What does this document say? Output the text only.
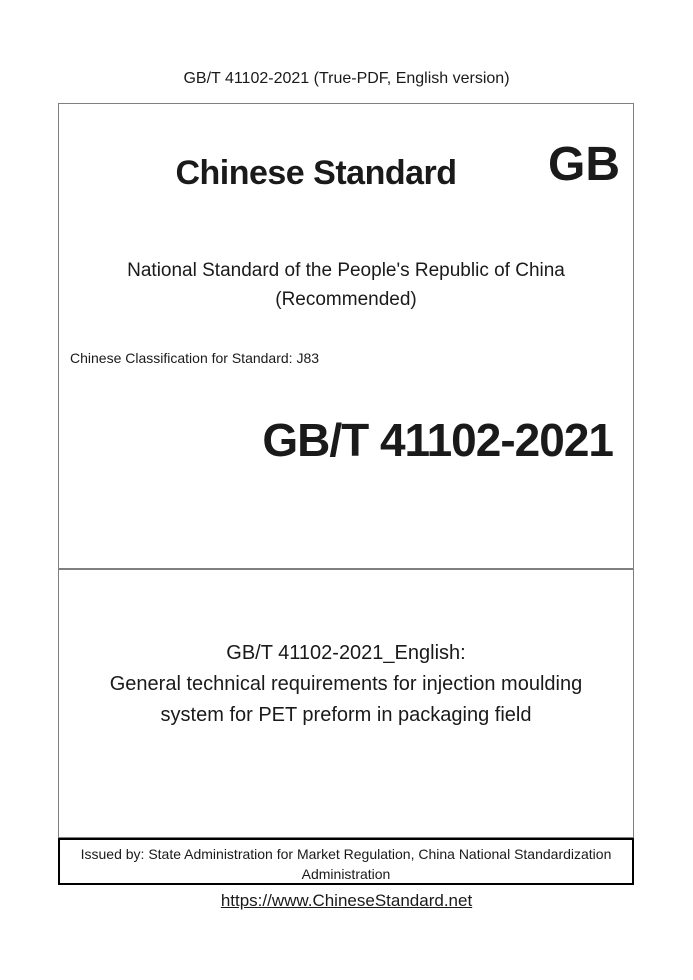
GB/T 41102-2021 (True-PDF, English version)
Chinese Standard	GB
National Standard of the People's Republic of China
(Recommended)
Chinese Classification for Standard: J83
GB/T 41102-2021
GB/T 41102-2021_English:
General technical requirements for injection moulding
system for PET preform in packaging field
Issued by: State Administration for Market Regulation, China National Standardization
Administration
https://www.ChineseStandard.net
